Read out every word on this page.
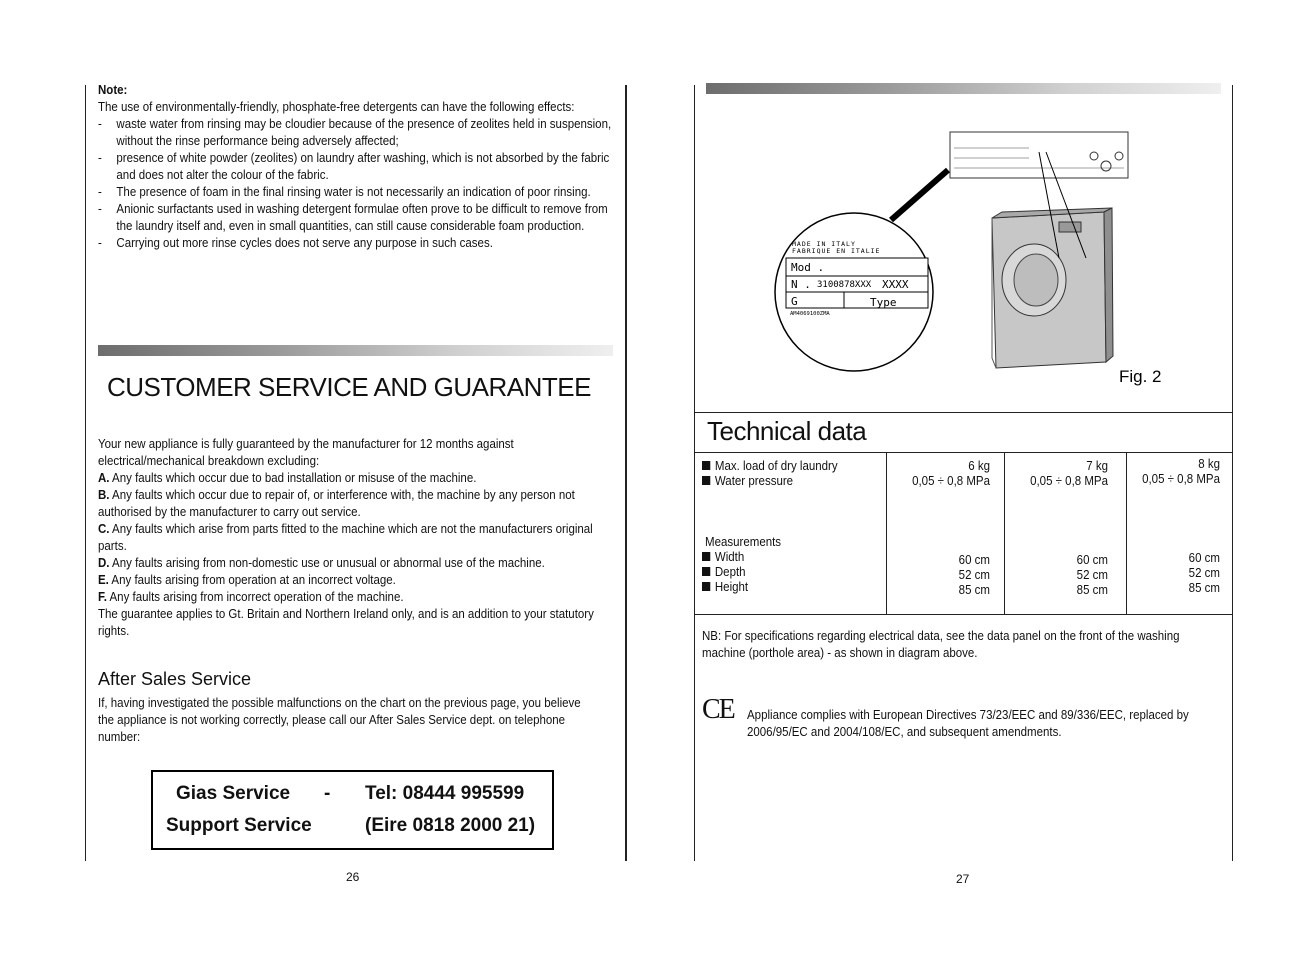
Note:
The use of environmentally-friendly, phosphate-free detergents can have the following effects:
- waste water from rinsing may be cloudier because of the presence of zeolites held in suspension, without the rinse performance being adversely affected;
- presence of white powder (zeolites) on laundry after washing, which is not absorbed by the fabric and does not alter the colour of the fabric.
- The presence of foam in the final rinsing water is not necessarily an indication of poor rinsing.
- Anionic surfactants used in washing detergent formulae often prove to be difficult to remove from the laundry itself and, even in small quantities, can still cause considerable foam production.
- Carrying out more rinse cycles does not serve any purpose in such cases.
CUSTOMER SERVICE AND GUARANTEE
Your new appliance is fully guaranteed by the manufacturer for 12 months against electrical/mechanical breakdown excluding:
A. Any faults which occur due to bad installation or misuse of the machine.
B. Any faults which occur due to repair of, or interference with, the machine by any person not authorised by the manufacturer to carry out service.
C. Any faults which arise from parts fitted to the machine which are not the manufacturers original parts.
D. Any faults arising from non-domestic use or unusual or abnormal use of the machine.
E. Any faults arising from operation at an incorrect voltage.
F. Any faults arising from incorrect operation of the machine.
The guarantee applies to Gt. Britain and Northern Ireland only, and is an addition to your statutory rights.
After Sales Service
If, having investigated the possible malfunctions on the chart on the previous page, you believe the appliance is not working correctly, please call our After Sales Service dept. on telephone number:
Gias Service - Tel: 08444 995599
Support Service	(Eire 0818 2000 21)
26
MADE IN ITALY
FABRIQUE EN ITALIE
Mod .
N . 3100878XXX XXXX
G	Type
AM4069100ZMA
Fig. 2
Technical data
Max. load of dry laundry
Water pressure
6 kg
0,05 ÷ 0,8 MPa
7 kg
0,05 ÷ 0,8 MPa
8 kg
0,05 ÷ 0,8 MPa
Measurements
Width
Depth
Height
60 cm
52 cm
85 cm
60 cm
52 cm
85 cm
60 cm
52 cm
85 cm
NB: For specifications regarding electrical data, see the data panel on the front of the washing machine (porthole area) - as shown in diagram above.
CE Appliance complies with European Directives 73/23/EEC and 89/336/EEC, replaced by 2006/95/EC and 2004/108/EC, and subsequent amendments.
27
